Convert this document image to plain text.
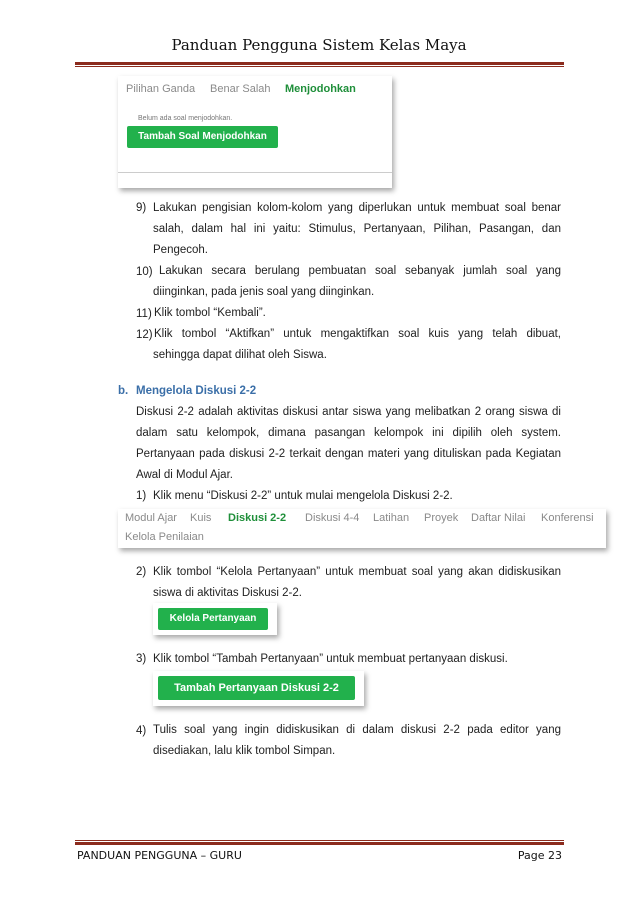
Panduan Pengguna Sistem Kelas Maya
Pilihan Ganda Benar Salah Menjodohkan
Belum ada soal menjodohkan.
Tambah Soal Menjodohkan
9) Lakukan pengisian kolom-kolom yang diperlukan untuk membuat soal benar
salah, dalam hal ini yaitu: Stimulus, Pertanyaan, Pilihan, Pasangan, dan
Pengecoh.
10) Lakukan secara berulang pembuatan soal sebanyak jumlah soal yang
diinginkan, pada jenis soal yang diinginkan.
11) Klik tombol “Kembali”.
12) Klik tombol “Aktifkan” untuk mengaktifkan soal kuis yang telah dibuat,
sehingga dapat dilihat oleh Siswa.
b. Mengelola Diskusi 2-2
Diskusi 2-2 adalah aktivitas diskusi antar siswa yang melibatkan 2 orang siswa di
dalam satu kelompok, dimana pasangan kelompok ini dipilih oleh system.
Pertanyaan pada diskusi 2-2 terkait dengan materi yang dituliskan pada Kegiatan
Awal di Modul Ajar.
1) Klik menu “Diskusi 2-2” untuk mulai mengelola Diskusi 2-2.
Modul Ajar Kuis Diskusi 2-2 Diskusi 4-4 Latihan Proyek Daftar Nilai Konferensi
Kelola Penilaian
2) Klik tombol “Kelola Pertanyaan” untuk membuat soal yang akan didiskusikan
siswa di aktivitas Diskusi 2-2.
Kelola Pertanyaan
3) Klik tombol “Tambah Pertanyaan” untuk membuat pertanyaan diskusi.
Tambah Pertanyaan Diskusi 2-2
4) Tulis soal yang ingin didiskusikan di dalam diskusi 2-2 pada editor yang
disediakan, lalu klik tombol Simpan.
PANDUAN PENGGUNA – GURU	Page 23
